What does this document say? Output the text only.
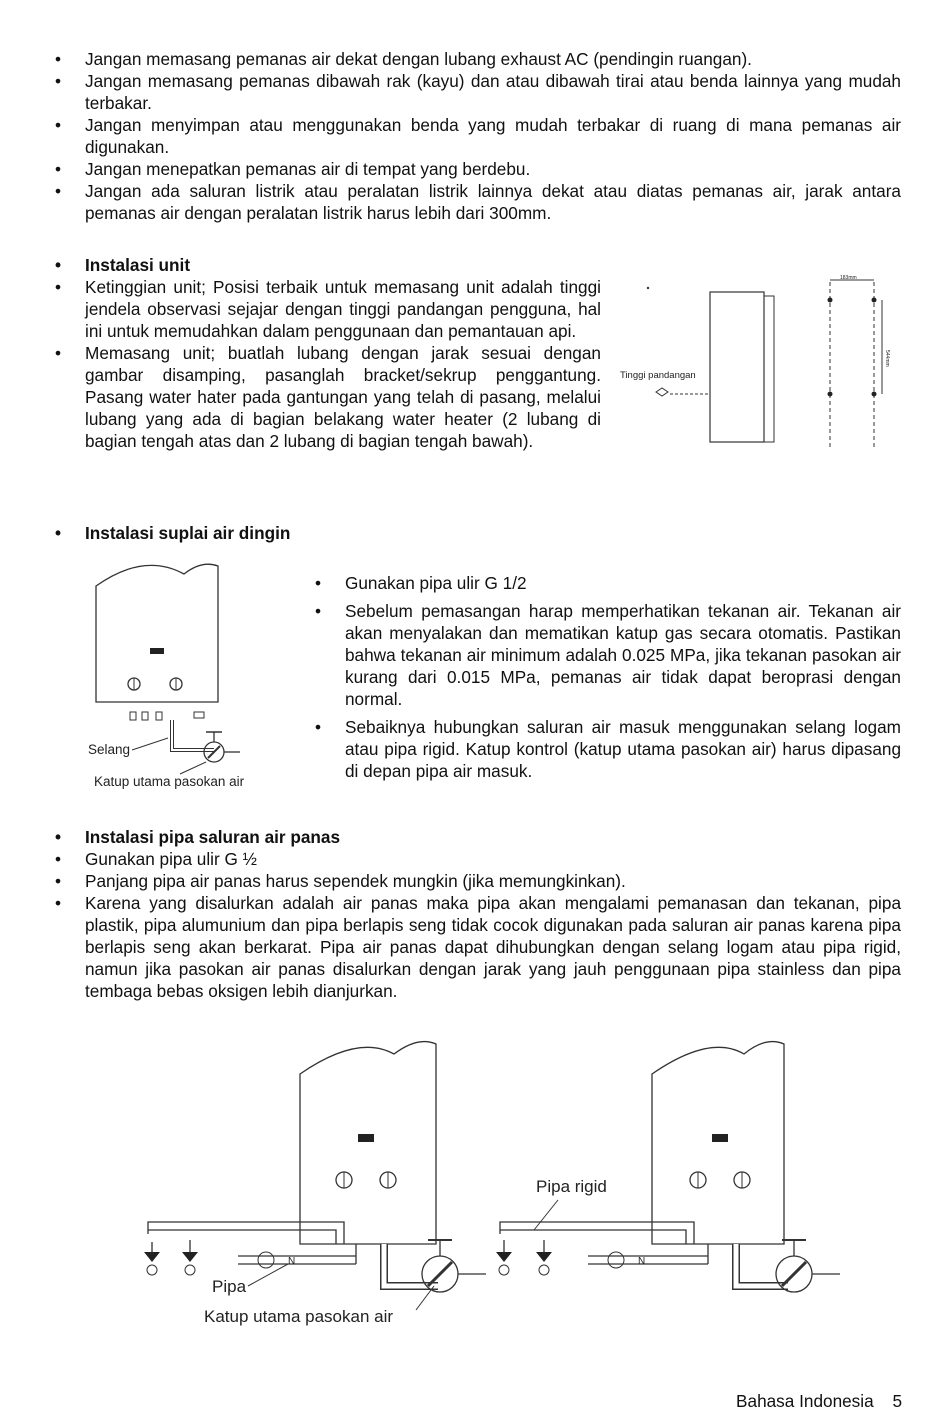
•	Jangan memasang pemanas air dekat dengan lubang exhaust AC (pendingin ruangan).
•	Jangan memasang pemanas dibawah rak (kayu) dan atau dibawah tirai atau benda lainnya yang mudah terbakar.
•	Jangan menyimpan atau menggunakan benda yang mudah terbakar di ruang di mana pemanas air digunakan.
•	Jangan menepatkan pemanas air di tempat yang berdebu.
•	Jangan ada saluran listrik atau peralatan listrik lainnya dekat atau diatas pemanas air, jarak antara pemanas air dengan peralatan listrik harus lebih dari 300mm.
•	Instalasi unit
•	Ketinggian unit; Posisi terbaik untuk memasang unit adalah tinggi jendela observasi sejajar dengan tinggi pandangan pengguna, hal ini untuk memudahkan dalam penggunaan dan pemantauan api.
•	Memasang unit; buatlah lubang dengan jarak sesuai dengan gambar disamping, pasanglah bracket/sekrup penggantung. Pasang water hater pada gantungan yang telah di pasang, melalui lubang yang ada di bagian belakang water heater (2 lubang di bagian tengah atas dan 2 lubang di bagian tengah bawah).
Tinggi pandangan
183mm
544mm
•	Instalasi suplai air dingin
Selang
Katup utama pasokan air
•	Gunakan pipa ulir G 1/2
•	Sebelum pemasangan harap memperhatikan tekanan air. Tekanan air akan menyalakan dan mematikan katup gas secara otomatis. Pastikan bahwa tekanan air minimum adalah 0.025 MPa, jika tekanan pasokan air kurang dari 0.015 MPa, pemanas air tidak dapat beropras​i dengan normal.
•	Sebaiknya hubungkan saluran air masuk menggunakan selang logam atau pipa rigid. Katup kontrol (katup utama pasokan air) harus dipasang di depan pipa air masuk.
•	Instalasi pipa saluran air panas
•	Gunakan pipa ulir G ½
•	Panjang pipa air panas harus sependek mungkin (jika memungkinkan).
•	Karena yang disalurkan adalah air panas maka pipa akan mengalami pemanasan dan tekanan, pipa plastik, pipa alumunium dan pipa berlapis seng tidak cocok digunakan pada saluran air panas karena pipa berlapis seng akan berkarat. Pipa air panas dapat dihubungkan dengan selang logam atau pipa rigid, namun jika pasokan air panas disalurkan dengan jarak yang jauh penggunaan pipa stainless dan pipa tembaga bebas oksigen lebih dianjurkan.
N
Pipa
Katup utama pasokan air
N
Pipa rigid
Bahasa Indonesia 5
